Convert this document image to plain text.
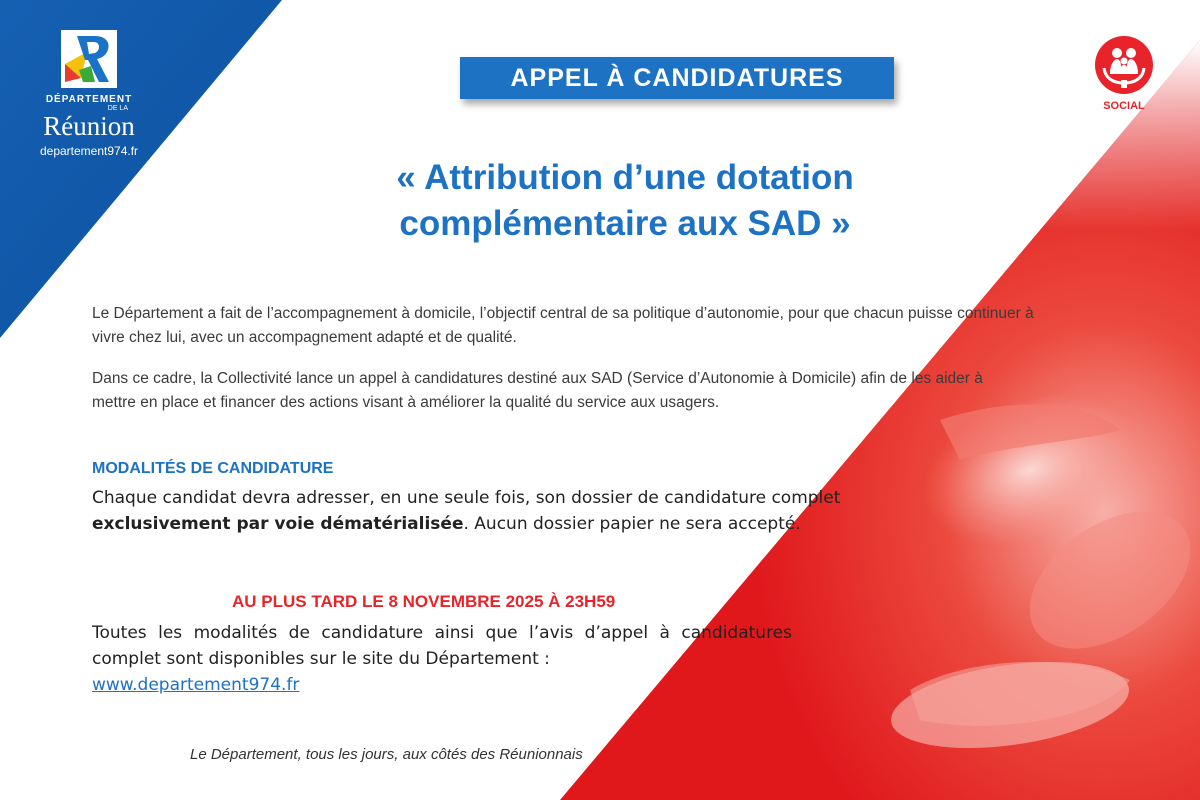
DÉPARTEMENT
DE LA
Réunion
departement974.fr
APPEL À CANDIDATURES
SOCIAL
« Attribution d’une dotation
complémentaire aux SAD »
Le Département a fait de l’accompagnement à domicile, l’objectif central de sa politique d’autonomie, pour que chacun puisse continuer à vivre chez lui, avec un accompagnement adapté et de qualité.
Dans ce cadre, la Collectivité lance un appel à candidatures destiné aux SAD (Service d’Autonomie à Domicile) afin de les aider à mettre en place et financer des actions visant à améliorer la qualité du service aux usagers.
MODALITÉS DE CANDIDATURE
Chaque candidat devra adresser, en une seule fois, son dossier de candidature complet exclusivement par voie dématérialisée. Aucun dossier papier ne sera accepté.
AU PLUS TARD LE 8 NOVEMBRE 2025 À 23H59
Toutes les modalités de candidature ainsi que l’avis d’appel à candidatures complet sont disponibles sur le site du Département :
www.departement974.fr
Le Département, tous les jours, aux côtés des Réunionnais
